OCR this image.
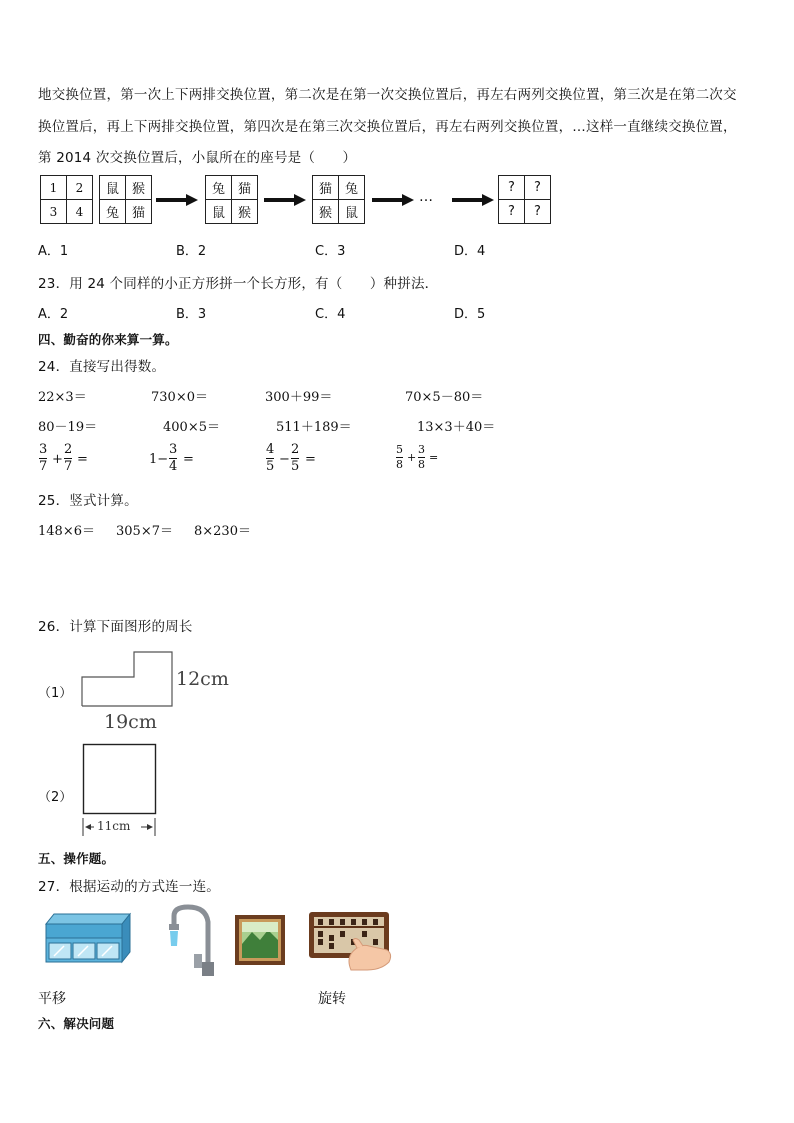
地交换位置，第一次上下两排交换位置，第二次是在第一次交换位置后，再左右两列交换位置，第三次是在第二次交
换位置后，再上下两排交换位置，第四次是在第三次交换位置后，再左右两列交换位置，…这样一直继续交换位置，
第 2014 次交换位置后，小鼠所在的座号是（　　）
1	2
3	4
鼠	猴
兔	猫
兔	猫
鼠	猴
猫	兔
猴	鼠
…
?	?
?	?
A．1	B．2	C．3	D．4
23．用 24 个同样的小正方形拼一个长方形，有（　　）种拼法．
A．2	B．3	C．4	D．5
四、勤奋的你来算一算。
24．直接写出得数。
22×3＝	730×0＝	300＋99＝	70×5－80＝
80－19＝	400×5＝	511＋189＝	13×3＋40＝
3
7 +
2
7 =	1−
3
4 =
4
5 −
2
5 =
5
8
+
3
8
=
25．竖式计算。
148×6＝ 305×7＝ 8×230＝
26．计算下面图形的周长
（1）
12cm
19cm
（2）
11cm
五、操作题。
27．根据运动的方式连一连。
平移	旋转
六、解决问题
